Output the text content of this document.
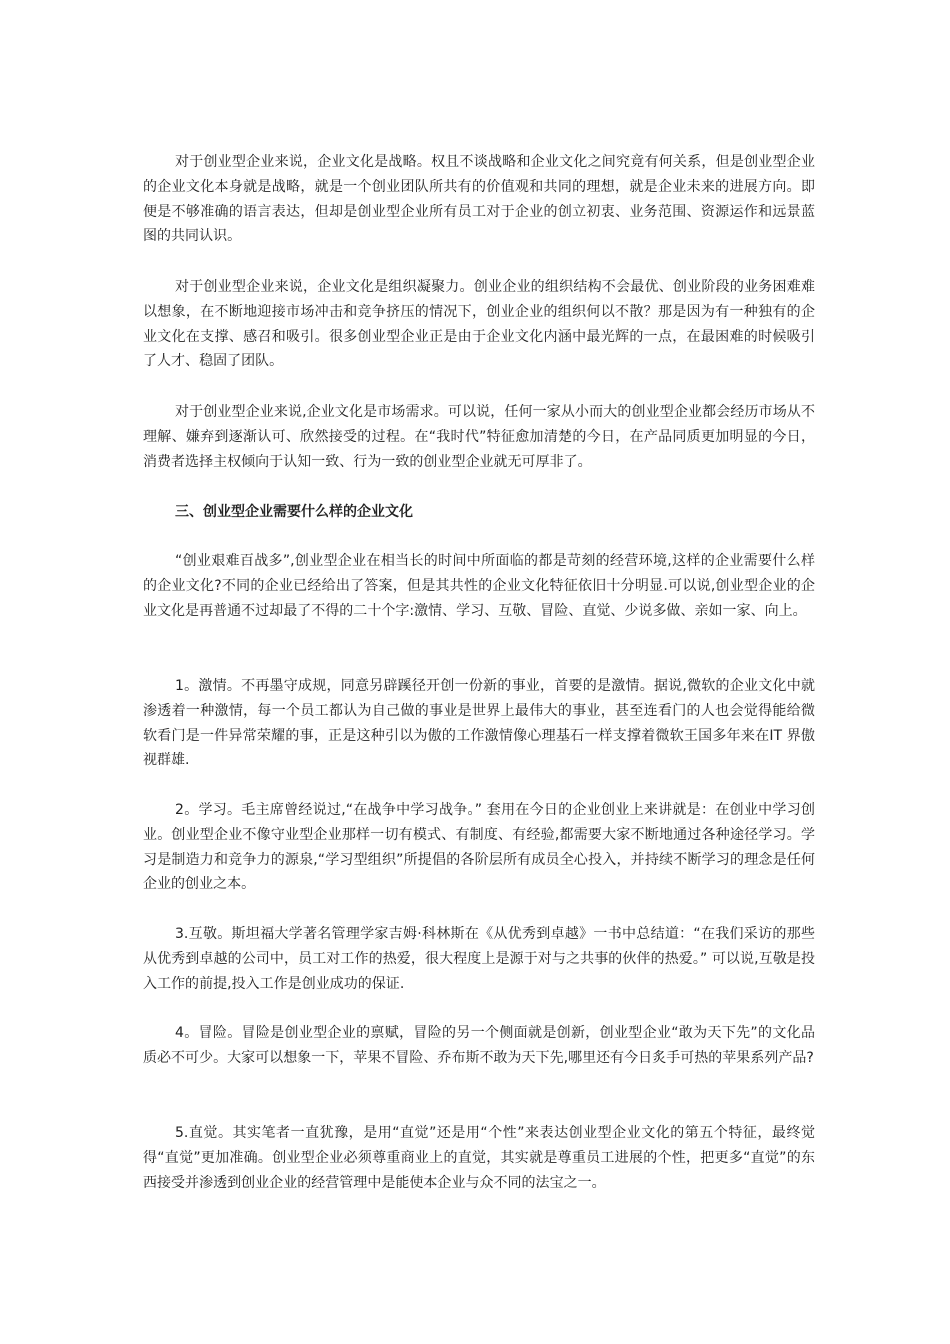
对于创业型企业来说，企业文化是战略。权且不谈战略和企业文化之间究竟有何关系，但是创业型企业的企业文化本身就是战略，就是一个创业团队所共有的价值观和共同的理想，就是企业未来的进展方向。即便是不够准确的语言表达，但却是创业型企业所有员工对于企业的创立初衷、业务范围、资源运作和远景蓝图的共同认识。

对于创业型企业来说，企业文化是组织凝聚力。创业企业的组织结构不会最优、创业阶段的业务困难难以想象，在不断地迎接市场冲击和竞争挤压的情况下，创业企业的组织何以不散？那是因为有一种独有的企业文化在支撑、感召和吸引。很多创业型企业正是由于企业文化内涵中最光辉的一点，在最困难的时候吸引了人才、稳固了团队。

对于创业型企业来说,企业文化是市场需求。可以说，任何一家从小而大的创业型企业都会经历市场从不理解、嫌弃到逐渐认可、欣然接受的过程。在“我时代”特征愈加清楚的今日，在产品同质更加明显的今日，消费者选择主权倾向于认知一致、行为一致的创业型企业就无可厚非了。

三、创业型企业需要什么样的企业文化

“创业艰难百战多”,创业型企业在相当长的时间中所面临的都是苛刻的经营环境,这样的企业需要什么样的企业文化?不同的企业已经给出了答案，但是其共性的企业文化特征依旧十分明显.可以说,创业型企业的企业文化是再普通不过却最了不得的二十个字:激情、学习、互敬、冒险、直觉、少说多做、亲如一家、向上。

1。激情。不再墨守成规，同意另辟蹊径开创一份新的事业，首要的是激情。据说,微软的企业文化中就渗透着一种激情，每一个员工都认为自己做的事业是世界上最伟大的事业，甚至连看门的人也会觉得能给微软看门是一件异常荣耀的事，正是这种引以为傲的工作激情像心理基石一样支撑着微软王国多年来在IT 界傲视群雄.

2。学习。毛主席曾经说过,“在战争中学习战争。” 套用在今日的企业创业上来讲就是：在创业中学习创业。创业型企业不像守业型企业那样一切有模式、有制度、有经验,都需要大家不断地通过各种途径学习。学习是制造力和竞争力的源泉,“学习型组织”所提倡的各阶层所有成员全心投入，并持续不断学习的理念是任何企业的创业之本。

3.互敬。斯坦福大学著名管理学家吉姆·科林斯在《从优秀到卓越》一书中总结道：“在我们采访的那些从优秀到卓越的公司中，员工对工作的热爱，很大程度上是源于对与之共事的伙伴的热爱。” 可以说,互敬是投入工作的前提,投入工作是创业成功的保证.

4。冒险。冒险是创业型企业的禀赋，冒险的另一个侧面就是创新，创业型企业“敢为天下先”的文化品质必不可少。大家可以想象一下，苹果不冒险、乔布斯不敢为天下先,哪里还有今日炙手可热的苹果系列产品?

5.直觉。其实笔者一直犹豫，是用“直觉”还是用“个性”来表达创业型企业文化的第五个特征，最终觉得“直觉”更加准确。创业型企业必须尊重商业上的直觉，其实就是尊重员工进展的个性，把更多“直觉”的东西接受并渗透到创业企业的经营管理中是能使本企业与众不同的法宝之一。
